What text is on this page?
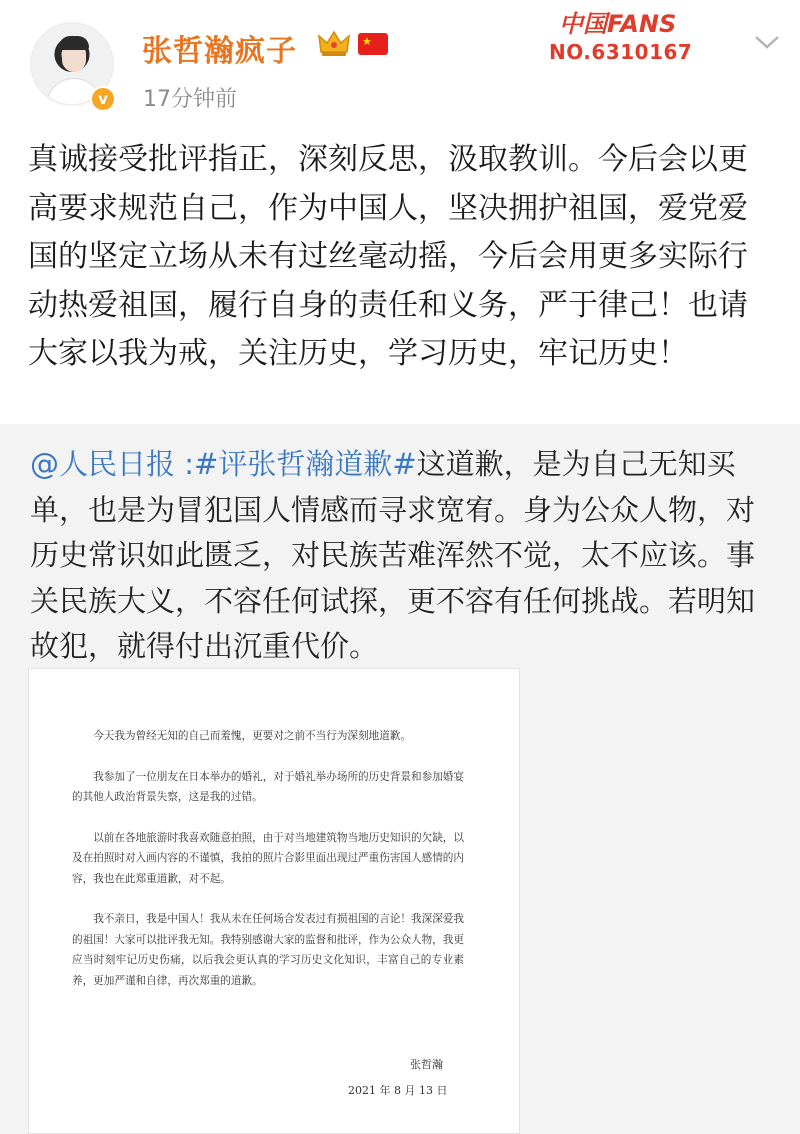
v
张哲瀚疯子	★
17分钟前
中国FANS
NO.6310167
真诚接受批评指正，深刻反思，汲取教训。今后会以更高要求规范自己，作为中国人，坚决拥护祖国，爱党爱国的坚定立场从未有过丝毫动摇，今后会用更多实际行动热爱祖国，履行自身的责任和义务，严于律己！也请大家以我为戒，关注历史，学习历史，牢记历史！
@人民日报 :#评张哲瀚道歉#这道歉，是为自己无知买单，也是为冒犯国人情感而寻求宽宥。身为公众人物，对历史常识如此匮乏，对民族苦难浑然不觉，太不应该。事关民族大义，不容任何试探，更不容有任何挑战。若明知故犯，就得付出沉重代价。

今天我为曾经无知的自己而羞愧，更要对之前不当行为深刻地道歉。

我参加了一位朋友在日本举办的婚礼，对于婚礼举办场所的历史背景和参加婚宴的其他人政治背景失察，这是我的过错。

以前在各地旅游时我喜欢随意拍照，由于对当地建筑物当地历史知识的欠缺，以及在拍照时对入画内容的不谨慎，我拍的照片合影里面出现过严重伤害国人感情的内容，我也在此郑重道歉，对不起。

我不亲日，我是中国人！我从未在任何场合发表过有损祖国的言论！我深深爱我的祖国！大家可以批评我无知。我特别感谢大家的监督和批评，作为公众人物，我更应当时刻牢记历史伤痛，以后我会更认真的学习历史文化知识，丰富自己的专业素养，更加严谨和自律，再次郑重的道歉。

张哲瀚
2021 年 8 月 13 日
